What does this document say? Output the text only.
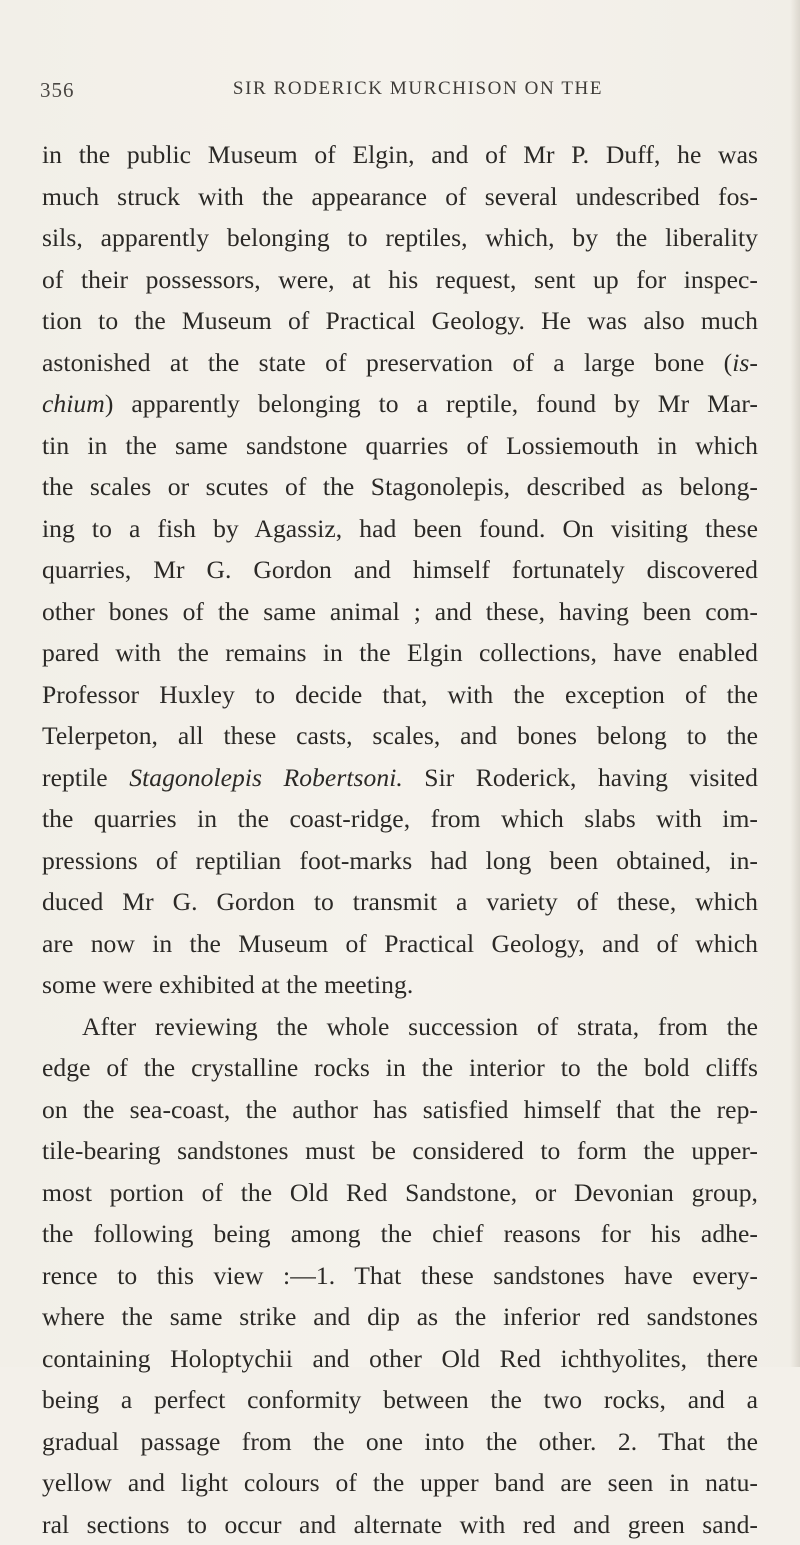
356	SIR RODERICK MURCHISON ON THE
in the public Museum of Elgin, and of Mr P. Duff, he was
much struck with the appearance of several undescribed fos-
sils, apparently belonging to reptiles, which, by the liberality
of their possessors, were, at his request, sent up for inspec-
tion to the Museum of Practical Geology. He was also much
astonished at the state of preservation of a large bone (is-
chium) apparently belonging to a reptile, found by Mr Mar-
tin in the same sandstone quarries of Lossiemouth in which
the scales or scutes of the Stagonolepis, described as belong-
ing to a fish by Agassiz, had been found. On visiting these
quarries, Mr G. Gordon and himself fortunately discovered
other bones of the same animal ; and these, having been com-
pared with the remains in the Elgin collections, have enabled
Professor Huxley to decide that, with the exception of the
Telerpeton, all these casts, scales, and bones belong to the
reptile Stagonolepis Robertsoni. Sir Roderick, having visited
the quarries in the coast-ridge, from which slabs with im-
pressions of reptilian foot-marks had long been obtained, in-
duced Mr G. Gordon to transmit a variety of these, which
are now in the Museum of Practical Geology, and of which
some were exhibited at the meeting.
After reviewing the whole succession of strata, from the
edge of the crystalline rocks in the interior to the bold cliffs
on the sea-coast, the author has satisfied himself that the rep-
tile-bearing sandstones must be considered to form the upper-
most portion of the Old Red Sandstone, or Devonian group,
the following being among the chief reasons for his adhe-
rence to this view :—1. That these sandstones have every-
where the same strike and dip as the inferior red sandstones
containing Holoptychii and other Old Red ichthyolites, there
being a perfect conformity between the two rocks, and a
gradual passage from the one into the other. 2. That the
yellow and light colours of the upper band are seen in natu-
ral sections to occur and alternate with red and green sand-
